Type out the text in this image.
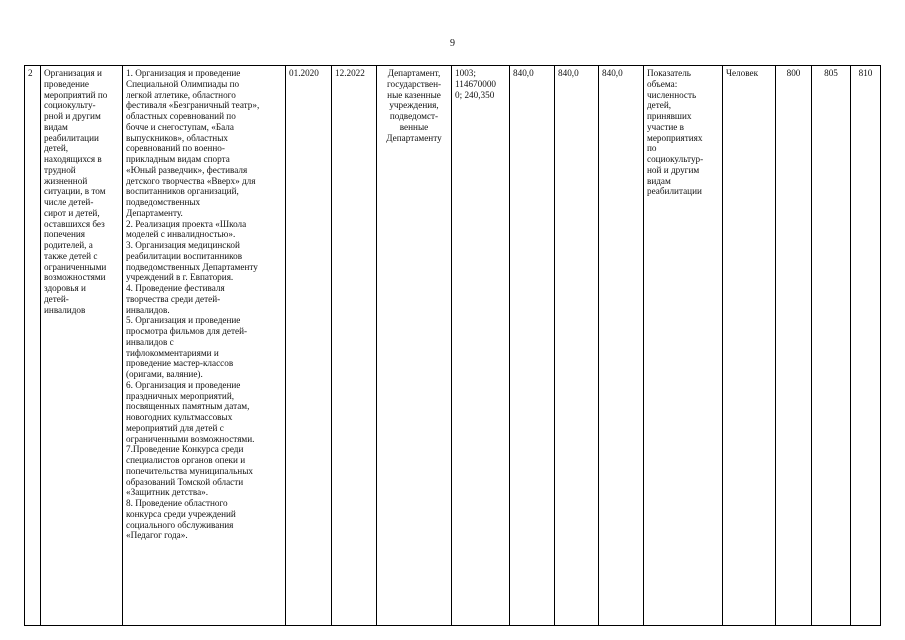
9
2	Организация и
проведение
мероприятий по
социокульту-
рной и другим
видам
реабилитации
детей,
находящихся в
трудной
жизненной
ситуации, в том
числе детей-
сирот и детей,
оставшихся без
попечения
родителей, а
также детей с
ограниченными
возможностями
здоровья и
детей-
инвалидов	1. Организация и проведение
Специальной Олимпиады по
легкой атлетике, областного
фестиваля «Безграничный театр»,
областных соревнований по
бочче и снегоступам, «Бала
выпускников», областных
соревнований по военно-
прикладным видам спорта
«Юный разведчик», фестиваля
детского творчества «Вверх» для
воспитанников организаций,
подведомственных
Департаменту.
2. Реализация проекта «Школа
моделей с инвалидностью».
3. Организация медицинской
реабилитации воспитанников
подведомственных Департаменту
учреждений в г. Евпатория.
4. Проведение фестиваля
творчества среди детей-
инвалидов.
5. Организация и проведение
просмотра фильмов для детей-
инвалидов с
тифлокомментариями и
проведение мастер-классов
(оригами, валяние).
6. Организация и проведение
праздничных мероприятий,
посвященных памятным датам,
новогодних культмассовых
мероприятий для детей с
ограниченными возможностями.
7.Проведение Конкурса среди
специалистов органов опеки и
попечительства муниципальных
образований Томской области
«Защитник детства».
8. Проведение областного
конкурса среди учреждений
социального обслуживания
«Педагог года».	01.2020	12.2022	Департамент,
государствен-
ные казенные
учреждения,
подведомст-
венные
Департаменту	1003;
114670000
0; 240,350	840,0	840,0	840,0	Показатель
объема:
численность
детей,
принявших
участие в
мероприятиях
по
социокультур-
ной и другим
видам
реабилитации	Человек	800	805	810
